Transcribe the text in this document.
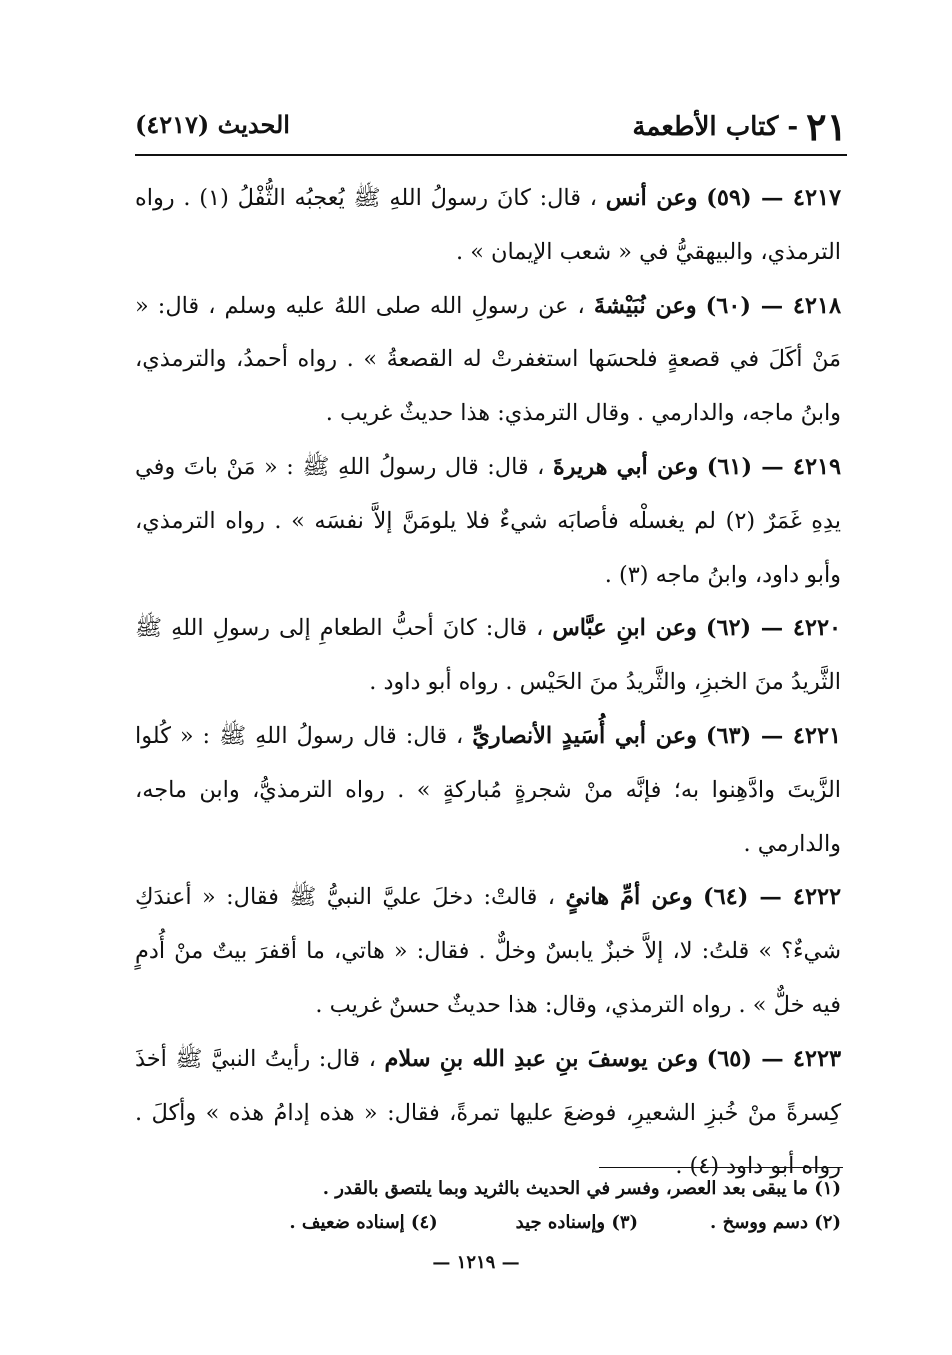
٢١- كتاب الأطعمة
الحديث (٤٢١٧)

٤٢١٧ — (٥٩) وعن أنس ، قال: كانَ رسولُ اللهِ ﷺ يُعجبُه الثُّفْلُ (١) . رواه الترمذي، والبيهقيُّ في « شعب الإيمان » .

٤٢١٨ — (٦٠) وعن نُبَيْشةَ ، عن رسولِ الله صلى اللهُ عليه وسلم ، قال: « مَنْ أكَلَ في قصعةٍ فلحسَها استغفرتْ له القصعةُ » . رواه أحمدُ، والترمذي، وابنُ ماجه، والدارمي . وقال الترمذي: هذا حديثٌ غريب .

٤٢١٩ — (٦١) وعن أبي هريرةَ ، قال: قال رسولُ اللهِ ﷺ : « مَنْ باتَ وفي يدِهِ غَمَرٌ (٢) لم يغسلْه فأصابَه شيءٌ فلا يلومَنَّ إلاَّ نفسَه » . رواه الترمذي، وأبو داود، وابنُ ماجه (٣) .

٤٢٢٠ — (٦٢) وعن ابنِ عبَّاس ، قال: كانَ أحبُّ الطعامِ إلى رسولِ اللهِ ﷺ الثَّريدُ منَ الخبزِ، والثَّريدُ منَ الحَيْس . رواه أبو داود .

٤٢٢١ — (٦٣) وعن أبي أُسَيدٍ الأنصاريِّ ، قال: قال رسولُ اللهِ ﷺ : « كُلوا الزَّيتَ وادَّهِنوا به؛ فإنَّه منْ شجرةٍ مُباركةٍ » . رواه الترمذيُّ، وابن ماجه، والدارمي .

٤٢٢٢ — (٦٤) وعن أمِّ هانئٍ ، قالتْ: دخلَ عليَّ النبيُّ ﷺ فقال: « أعندَكِ شيءٌ؟ » قلتُ: لا، إلاَّ خبزٌ يابسٌ وخلٌّ . فقال: « هاتي، ما أقفرَ بيتٌ منْ أُدمٍ فيه خلٌّ » . رواه الترمذي، وقال: هذا حديثٌ حسنٌ غريب .

٤٢٢٣ — (٦٥) وعن يوسفَ بنِ عبدِ الله بنِ سلام ، قال: رأيتُ النبيَّ ﷺ أخذَ كِسرةً منْ خُبزِ الشعيرِ، فوضعَ عليها تمرةً، فقال: « هذه إدامُ هذه » وأكلَ . رواه أبو داود (٤) .

(١) ما يبقى بعد العصر، وفسر في الحديث بالثريد وبما يلتصق بالقدر .
(٢) دسم ووسخ .
(٣) وإسناده جيد
(٤) إسناده ضعيف .
— ١٢١٩ —
